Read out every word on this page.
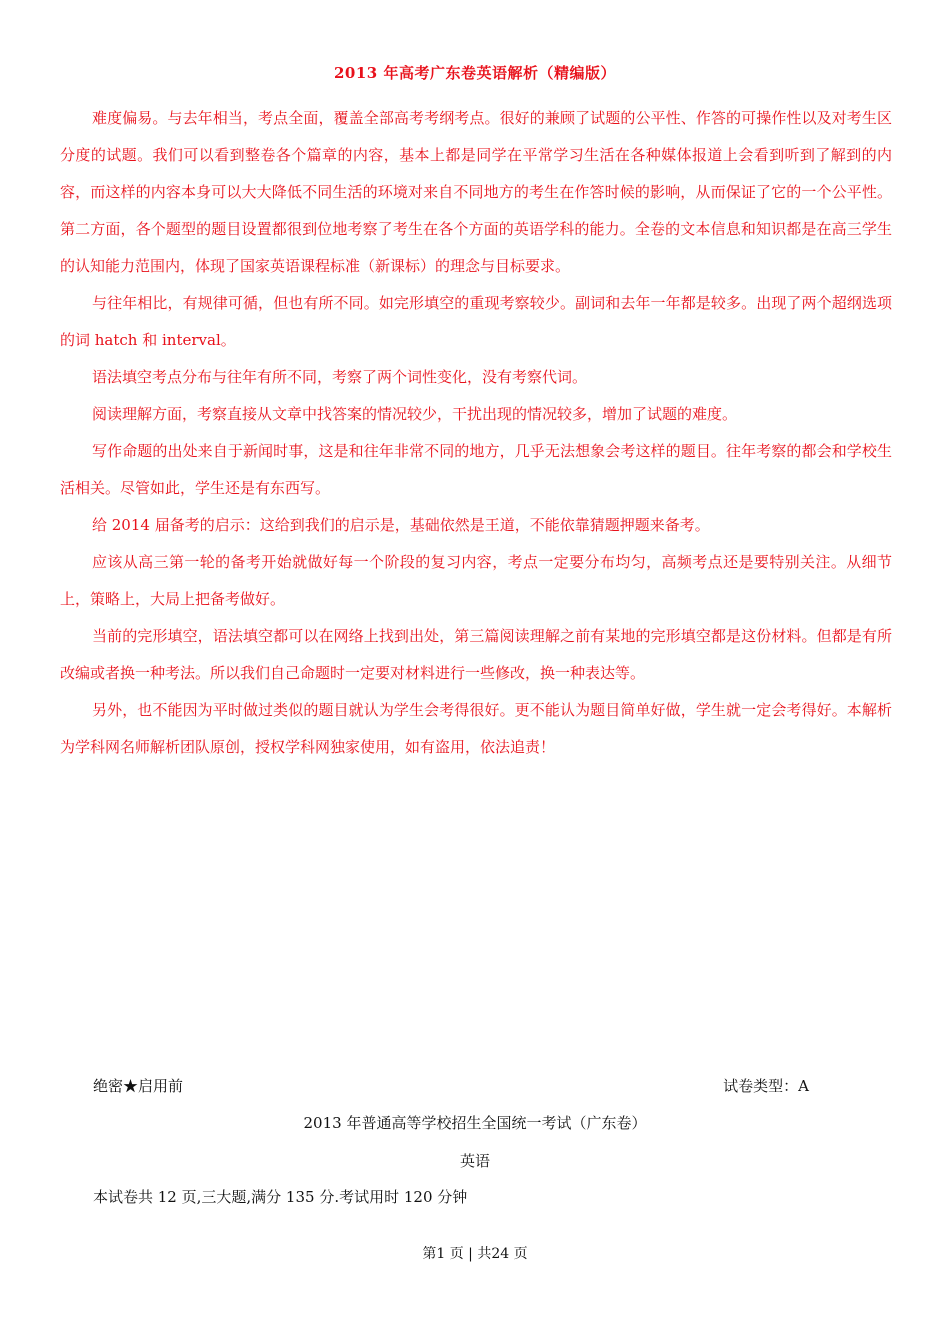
2013 年高考广东卷英语解析（精编版）

难度偏易。与去年相当，考点全面，覆盖全部高考考纲考点。很好的兼顾了试题的公平性、作答的可操作性以及对考生区分度的试题。我们可以看到整卷各个篇章的内容，基本上都是同学在平常学习生活在各种媒体报道上会看到听到了解到的内容，而这样的内容本身可以大大降低不同生活的环境对来自不同地方的考生在作答时候的影响，从而保证了它的一个公平性。第二方面，各个题型的题目设置都很到位地考察了考生在各个方面的英语学科的能力。全卷的文本信息和知识都是在高三学生的认知能力范围内，体现了国家英语课程标准（新课标）的理念与目标要求。

与往年相比，有规律可循，但也有所不同。如完形填空的重现考察较少。副词和去年一年都是较多。出现了两个超纲选项的词 hatch 和 interval。

语法填空考点分布与往年有所不同，考察了两个词性变化，没有考察代词。

阅读理解方面，考察直接从文章中找答案的情况较少，干扰出现的情况较多，增加了试题的难度。

写作命题的出处来自于新闻时事，这是和往年非常不同的地方，几乎无法想象会考这样的题目。往年考察的都会和学校生活相关。尽管如此，学生还是有东西写。

给 2014 届备考的启示：这给到我们的启示是，基础依然是王道，不能依靠猜题押题来备考。

应该从高三第一轮的备考开始就做好每一个阶段的复习内容，考点一定要分布均匀，高频考点还是要特别关注。从细节上，策略上，大局上把备考做好。

当前的完形填空，语法填空都可以在网络上找到出处，第三篇阅读理解之前有某地的完形填空都是这份材料。但都是有所改编或者换一种考法。所以我们自己命题时一定要对材料进行一些修改，换一种表达等。

另外，也不能因为平时做过类似的题目就认为学生会考得很好。更不能认为题目简单好做，学生就一定会考得好。本解析为学科网名师解析团队原创，授权学科网独家使用，如有盗用，依法追责！

绝密★启用前	试卷类型：A
2013 年普通高等学校招生全国统一考试（广东卷）
英语
本试卷共 12 页,三大题,满分 135 分.考试用时 120 分钟
第1 页 | 共24 页
